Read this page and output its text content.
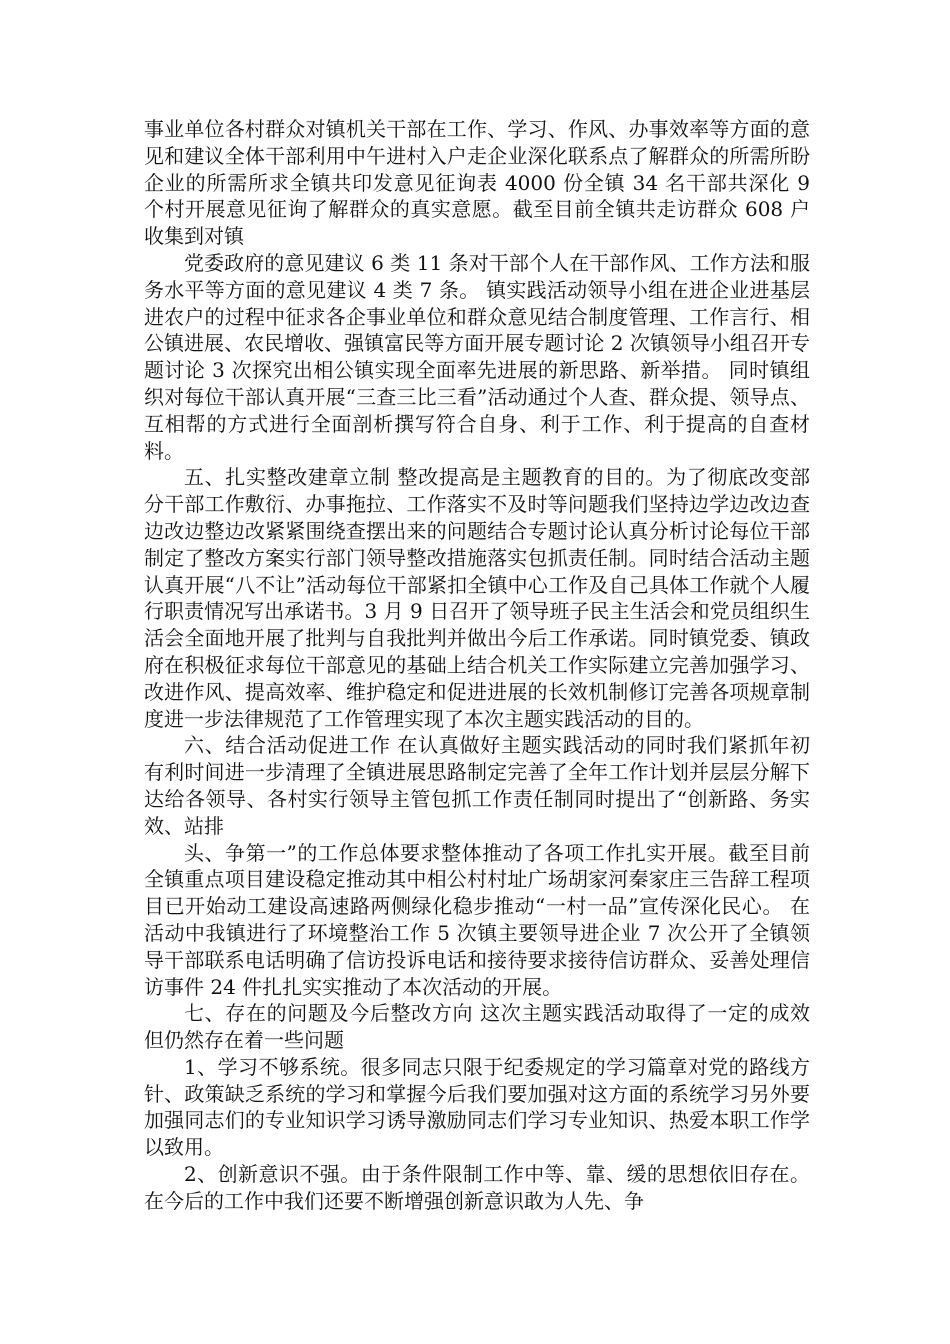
事业单位各村群众对镇机关干部在工作、学习、作风、办事效率等方面的意见和建议全体干部利用中午进村入户走企业深化联系点了解群众的所需所盼企业的所需所求全镇共印发意见征询表 4000 份全镇 34 名干部共深化 9 个村开展意见征询了解群众的真实意愿。截至目前全镇共走访群众 608 户收集到对镇

党委政府的意见建议 6 类 11 条对干部个人在干部作风、工作方法和服务水平等方面的意见建议 4 类 7 条。 镇实践活动领导小组在进企业进基层进农户的过程中征求各企事业单位和群众意见结合制度管理、工作言行、相公镇进展、农民增收、强镇富民等方面开展专题讨论 2 次镇领导小组召开专题讨论 3 次探究出相公镇实现全面率先进展的新思路、新举措。 同时镇组织对每位干部认真开展“三查三比三看”活动通过个人查、群众提、领导点、互相帮的方式进行全面剖析撰写符合自身、利于工作、利于提高的自查材料。

五、扎实整改建章立制 整改提高是主题教育的目的。为了彻底改变部分干部工作敷衍、办事拖拉、工作落实不及时等问题我们坚持边学边改边查边改边整边改紧紧围绕查摆出来的问题结合专题讨论认真分析讨论每位干部制定了整改方案实行部门领导整改措施落实包抓责任制。同时结合活动主题认真开展“八不让”活动每位干部紧扣全镇中心工作及自己具体工作就个人履行职责情况写出承诺书。3 月 9 日召开了领导班子民主生活会和党员组织生活会全面地开展了批判与自我批判并做出今后工作承诺。同时镇党委、镇政府在积极征求每位干部意见的基础上结合机关工作实际建立完善加强学习、改进作风、提高效率、维护稳定和促进进展的长效机制修订完善各项规章制度进一步法律规范了工作管理实现了本次主题实践活动的目的。

六、结合活动促进工作 在认真做好主题实践活动的同时我们紧抓年初有利时间进一步清理了全镇进展思路制定完善了全年工作计划并层层分解下达给各领导、各村实行领导主管包抓工作责任制同时提出了“创新路、务实效、站排

头、争第一”的工作总体要求整体推动了各项工作扎实开展。截至目前全镇重点项目建设稳定推动其中相公村村址广场胡家河秦家庄三告辞工程项目已开始动工建设高速路两侧绿化稳步推动“一村一品”宣传深化民心。 在活动中我镇进行了环境整治工作 5 次镇主要领导进企业 7 次公开了全镇领导干部联系电话明确了信访投诉电话和接待要求接待信访群众、妥善处理信访事件 24 件扎扎实实推动了本次活动的开展。

七、存在的问题及今后整改方向 这次主题实践活动取得了一定的成效但仍然存在着一些问题

1、学习不够系统。很多同志只限于纪委规定的学习篇章对党的路线方针、政策缺乏系统的学习和掌握今后我们要加强对这方面的系统学习另外要加强同志们的专业知识学习诱导激励同志们学习专业知识、热爱本职工作学以致用。

2、创新意识不强。由于条件限制工作中等、靠、缓的思想依旧存在。在今后的工作中我们还要不断增强创新意识敢为人先、争
